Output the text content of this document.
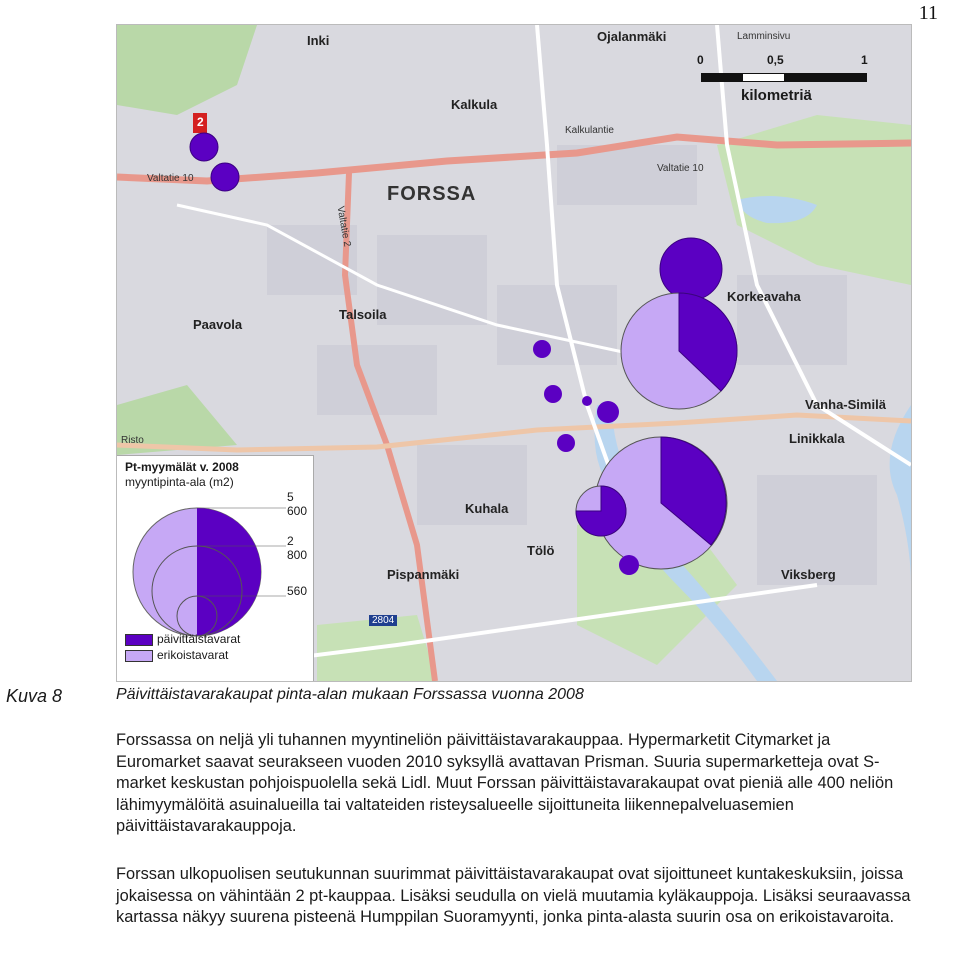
11
FORSSA
Inki	Ojalanmäki
Kalkula
Paavola
Talsoila
Korkeavaha
Linikkala
Kuhala
Tölö
Pispanmäki	Viksberg
Vanha-Similä
Risto
Valtatie 10
Valtatie 10
Valtatie 2
2804
Kalkulantie
Lamminsivu
2
0	0,5	1
kilometriä
Pt-myymälät v. 2008
myyntipinta-ala (m2)
5 600
2 800
560
päivittäistavarat
erikoistavarat
Kuva 8	Päivittäistavarakaupat pinta-alan mukaan Forssassa vuonna 2008

Forssassa on neljä yli tuhannen myyntineliön päivittäistavarakauppaa. Hypermarketit Citymarket ja Euromarket saavat seurakseen vuoden 2010 syksyllä avattavan Prisman. Suuria supermarketteja ovat S-market keskustan pohjoispuolella sekä Lidl. Muut Forssan päivittäistavarakaupat ovat pieniä alle 400 neliön lähimyymälöitä asuinalueilla tai valtateiden risteysalueelle sijoittuneita liikennepalveluasemien päivittäistavarakauppoja.

Forssan ulkopuolisen seutukunnan suurimmat päivittäistavarakaupat ovat sijoittuneet kuntakeskuksiin, joissa jokaisessa on vähintään 2 pt-kauppaa. Lisäksi seudulla on vielä muutamia kyläkauppoja. Lisäksi seuraavassa kartassa näkyy suurena pisteenä Humppilan Suoramyynti, jonka pinta-alasta suurin osa on erikoistavaroita.
